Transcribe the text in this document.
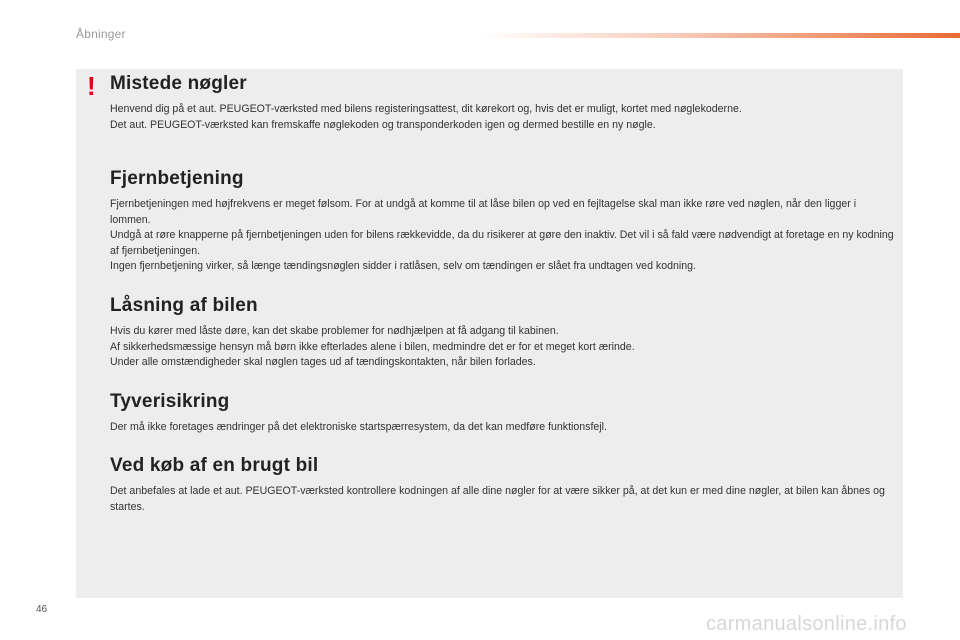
Åbninger
! Mistede nøgler

Henvend dig på et aut. PEUGEOT-værksted med bilens registeringsattest, dit kørekort og, hvis det er muligt, kortet med nøglekoderne.

Det aut. PEUGEOT-værksted kan fremskaffe nøglekoden og transponderkoden igen og dermed bestille en ny nøgle.

Fjernbetjening

Fjernbetjeningen med højfrekvens er meget følsom. For at undgå at komme til at låse bilen op ved en fejltagelse skal man ikke røre ved nøglen, når den ligger i lommen.

Undgå at røre knapperne på fjernbetjeningen uden for bilens rækkevidde, da du risikerer at gøre den inaktiv. Det vil i så fald være nødvendigt at foretage en ny kodning af fjernbetjeningen.

Ingen fjernbetjening virker, så længe tændingsnøglen sidder i ratlåsen, selv om tændingen er slået fra undtagen ved kodning.

Låsning af bilen

Hvis du kører med låste døre, kan det skabe problemer for nødhjælpen at få adgang til kabinen.

Af sikkerhedsmæssige hensyn må børn ikke efterlades alene i bilen, medmindre det er for et meget kort ærinde.

Under alle omstændigheder skal nøglen tages ud af tændingskontakten, når bilen forlades.

Tyverisikring

Der må ikke foretages ændringer på det elektroniske startspærresystem, da det kan medføre funktionsfejl.

Ved køb af en brugt bil

Det anbefales at lade et aut. PEUGEOT-værksted kontrollere kodningen af alle dine nøgler for at være sikker på, at det kun er med dine nøgler, at bilen kan åbnes og startes.

46
carmanualsonline.info
